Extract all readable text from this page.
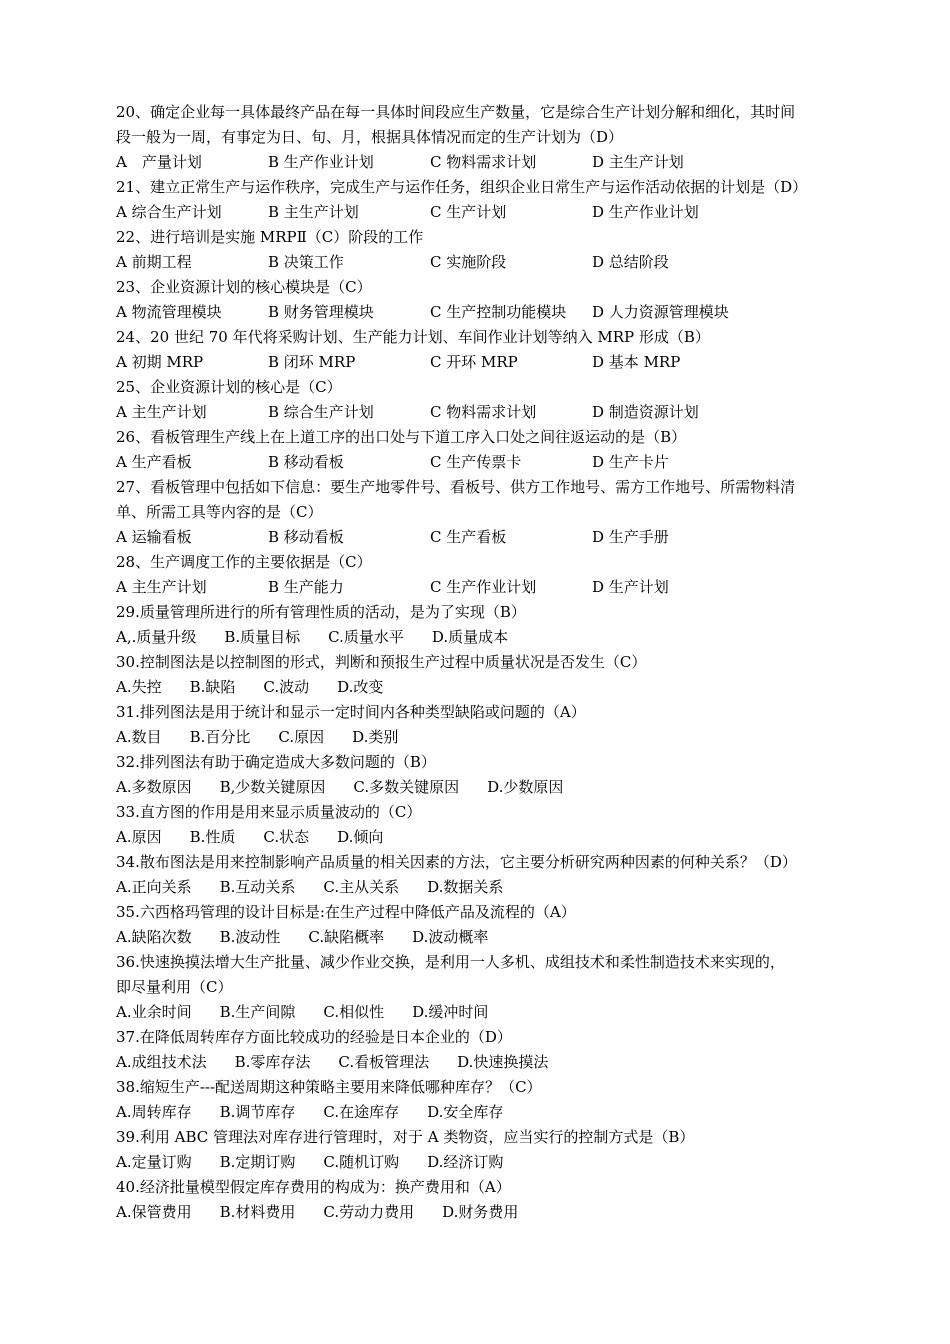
20、确定企业每一具体最终产品在每一具体时间段应生产数量，它是综合生产计划分解和细化，其时间
段一般为一周，有事定为日、旬、月，根据具体情况而定的生产计划为（D）
A　产量计划	B 生产作业计划	C 物料需求计划	D 主生产计划
21、建立正常生产与运作秩序，完成生产与运作任务，组织企业日常生产与运作活动依据的计划是（D）
A 综合生产计划	B 主生产计划	C 生产计划	D 生产作业计划
22、进行培训是实施 MRPⅡ（C）阶段的工作
A 前期工程	B 决策工作	C 实施阶段	D 总结阶段
23、企业资源计划的核心模块是（C）
A 物流管理模块	B 财务管理模块	C 生产控制功能模块	D 人力资源管理模块
24、20 世纪 70 年代将采购计划、生产能力计划、车间作业计划等纳入 MRP 形成（B）
A 初期 MRP	B 闭环 MRP	C 开环 MRP	D 基本 MRP
25、企业资源计划的核心是（C）
A 主生产计划	B 综合生产计划	C 物料需求计划	D 制造资源计划
26、看板管理生产线上在上道工序的出口处与下道工序入口处之间往返运动的是（B）
A 生产看板	B 移动看板	C 生产传票卡	D 生产卡片
27、看板管理中包括如下信息：要生产地零件号、看板号、供方工作地号、需方工作地号、所需物料清
单、所需工具等内容的是（C）
A 运输看板	B 移动看板	C 生产看板	D 生产手册
28、生产调度工作的主要依据是（C）
A 主生产计划	B 生产能力	C 生产作业计划	D 生产计划
29.质量管理所进行的所有管理性质的活动，是为了实现（B）
A,.质量升级 B.质量目标 C.质量水平 D.质量成本
30.控制图法是以控制图的形式，判断和预报生产过程中质量状况是否发生（C）
A.失控 B.缺陷 C.波动 D.改变
31.排列图法是用于统计和显示一定时间内各种类型缺陷或问题的（A）
A.数目 B.百分比 C.原因 D.类别
32.排列图法有助于确定造成大多数问题的（B）
A.多数原因 B,少数关键原因 C.多数关键原因 D.少数原因
33.直方图的作用是用来显示质量波动的（C）
A.原因 B.性质 C.状态 D.倾向
34.散布图法是用来控制影响产品质量的相关因素的方法，它主要分析研究两种因素的何种关系？（D）
A.正向关系 B.互动关系 C.主从关系 D.数据关系
35.六西格玛管理的设计目标是:在生产过程中降低产品及流程的（A）
A.缺陷次数 B.波动性 C.缺陷概率 D.波动概率
36.快速换摸法增大生产批量、减少作业交换，是利用一人多机、成组技术和柔性制造技术来实现的，
即尽量利用（C）
A.业余时间 B.生产间隙 C.相似性 D.缓冲时间
37.在降低周转库存方面比较成功的经验是日本企业的（D）
A.成组技术法 B.零库存法 C.看板管理法 D.快速换摸法
38.缩短生产---配送周期这种策略主要用来降低哪种库存？（C）
A.周转库存 B.调节库存 C.在途库存 D.安全库存
39.利用 ABC 管理法对库存进行管理时，对于 A 类物资，应当实行的控制方式是（B）
A.定量订购 B.定期订购 C.随机订购 D.经济订购
40.经济批量模型假定库存费用的构成为：换产费用和（A）
A.保管费用 B.材料费用 C.劳动力费用 D.财务费用
